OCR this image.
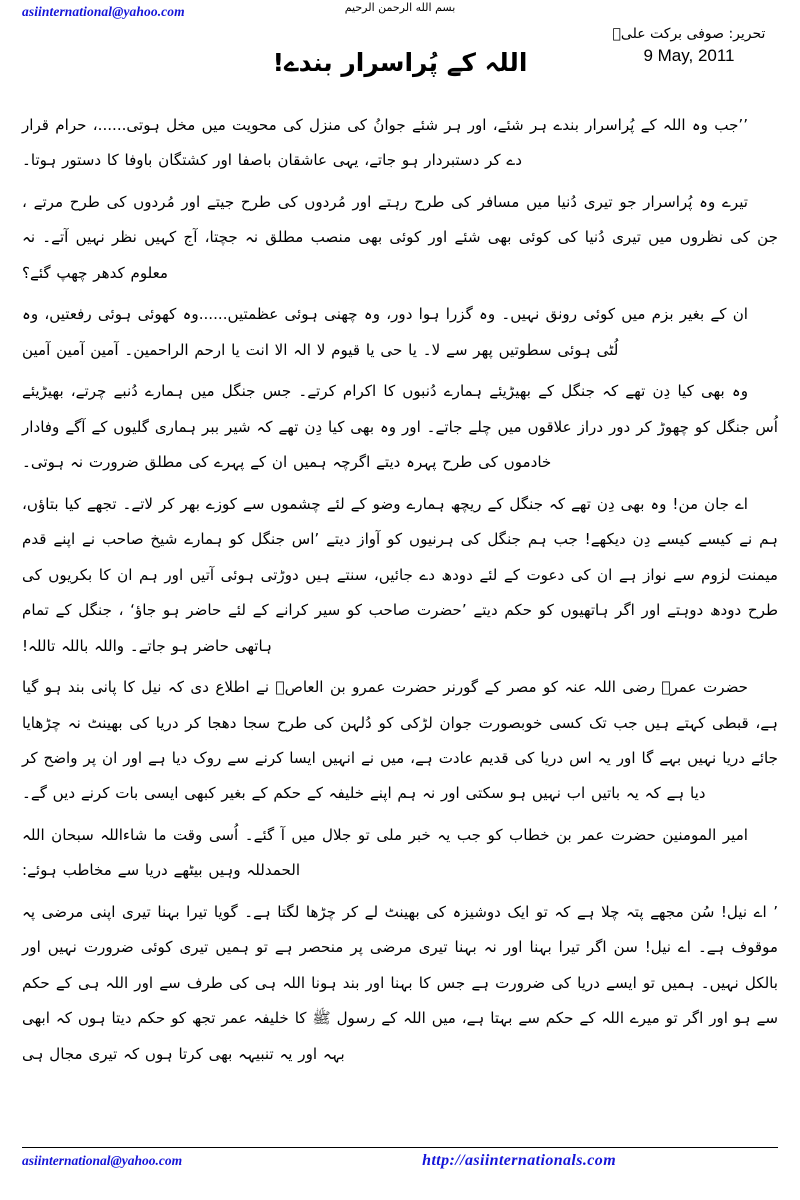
asiinternational@yahoo.com	بسم الله الرحمن الرحيم
تحریر: صوفی برکت علیؒ
9 May, 2011
اللہ کے پُراسرار بندے!

’’جب وہ اللہ کے پُراسرار بندے ہر شئے، اور ہر شئے جوانُ کی منزل کی محویت میں مخل ہوتی......، حرام قرار دے کر دستبردار ہو جاتے، یہی عاشقان باصفا اور کشتگان باوفا کا دستور ہوتا۔

تیرے وہ پُراسرار جو تیری دُنیا میں مسافر کی طرح رہتے اور مُردوں کی طرح جیتے اور مُردوں کی طرح مرتے ، جن کی نظروں میں تیری دُنیا کی کوئی بھی شئے اور کوئی بھی منصب مطلق نہ جچتا، آج کہیں نظر نہیں آتے۔ نہ معلوم کدھر چھپ گئے؟

ان کے بغیر بزم میں کوئی رونق نہیں۔ وہ گزرا ہوا دور، وہ چھنی ہوئی عظمتیں......وہ کھوئی ہوئی رفعتیں، وہ لُٹی ہوئی سطوتیں پھر سے لا۔ یا حی یا قیوم لا الہ الا انت یا ارحم الراحمین۔ آمین آمین آمین

وہ بھی کیا دِن تھے کہ جنگل کے بھیڑیئے ہمارے دُنبوں کا اکرام کرتے۔ جس جنگل میں ہمارے دُنبے چرتے، بھیڑیئے اُس جنگل کو چھوڑ کر دور دراز علاقوں میں چلے جاتے۔ اور وہ بھی کیا دِن تھے کہ شیر ببر ہماری گلیوں کے آگے وفادار خادموں کی طرح پہرہ دیتے اگرچہ ہمیں ان کے پہرے کی مطلق ضرورت نہ ہوتی۔

اے جان من! وہ بھی دِن تھے کہ جنگل کے ریچھ ہمارے وضو کے لئے چشموں سے کوزے بھر کر لاتے۔ تجھے کیا بتاؤں، ہم نے کیسے کیسے دِن دیکھے! جب ہم جنگل کی ہرنیوں کو آواز دیتے ’اس جنگل کو ہمارے شیخ صاحب نے اپنے قدم میمنت لزوم سے نواز ہے ان کی دعوت کے لئے دودھ دے جائیں، سنتے ہیں دوڑتی ہوئی آتیں اور ہم ان کا بکریوں کی طرح دودھ دوہتے اور اگر ہاتھیوں کو حکم دیتے ’حضرت صاحب کو سیر کرانے کے لئے حاضر ہو جاؤ‘ ، جنگل کے تمام ہاتھی حاضر ہو جاتے۔ واللہ باللہ تاللہ!

حضرت عمرؓ رضی اللہ عنہ کو مصر کے گورنر حضرت عمرو بن العاصؓ نے اطلاع دی کہ نیل کا پانی بند ہو گیا ہے، قبطی کہتے ہیں جب تک کسی خوبصورت جوان لڑکی کو دُلہن کی طرح سجا دھجا کر دریا کی بھینٹ نہ چڑھایا جائے دریا نہیں بہے گا اور یہ اس دریا کی قدیم عادت ہے، میں نے انہیں ایسا کرنے سے روک دیا ہے اور ان پر واضح کر دیا ہے کہ یہ باتیں اب نہیں ہو سکتی اور نہ ہم اپنے خلیفہ کے حکم کے بغیر کبھی ایسی بات کرنے دیں گے۔

امیر المومنین حضرت عمر بن خطاب کو جب یہ خبر ملی تو جلال میں آ گئے۔ اُسی وقت ما شاءاللہ سبحان اللہ الحمدللہ وہیں بیٹھے دریا سے مخاطب ہوئے:

’ اے نیل! سُن مجھے پتہ چلا ہے کہ تو ایک دوشیزہ کی بھینٹ لے کر چڑھا لگتا ہے۔ گویا تیرا بہنا تیری اپنی مرضی پہ موقوف ہے۔ اے نیل! سن اگر تیرا بہنا اور نہ بہنا تیری مرضی پر منحصر ہے تو ہمیں تیری کوئی ضرورت نہیں اور بالکل نہیں۔ ہمیں تو ایسے دریا کی ضرورت ہے جس کا بہنا اور بند ہونا اللہ ہی کی طرف سے اور اللہ ہی کے حکم سے ہو اور اگر تو میرے اللہ کے حکم سے بہتا ہے، میں اللہ کے رسول ﷺ کا خلیفہ عمر تجھ کو حکم دیتا ہوں کہ ابھی بہہ اور یہ تنبیہہ بھی کرتا ہوں کہ تیری مجال ہی

asiinternational@yahoo.com	http://asiinternationals.com
